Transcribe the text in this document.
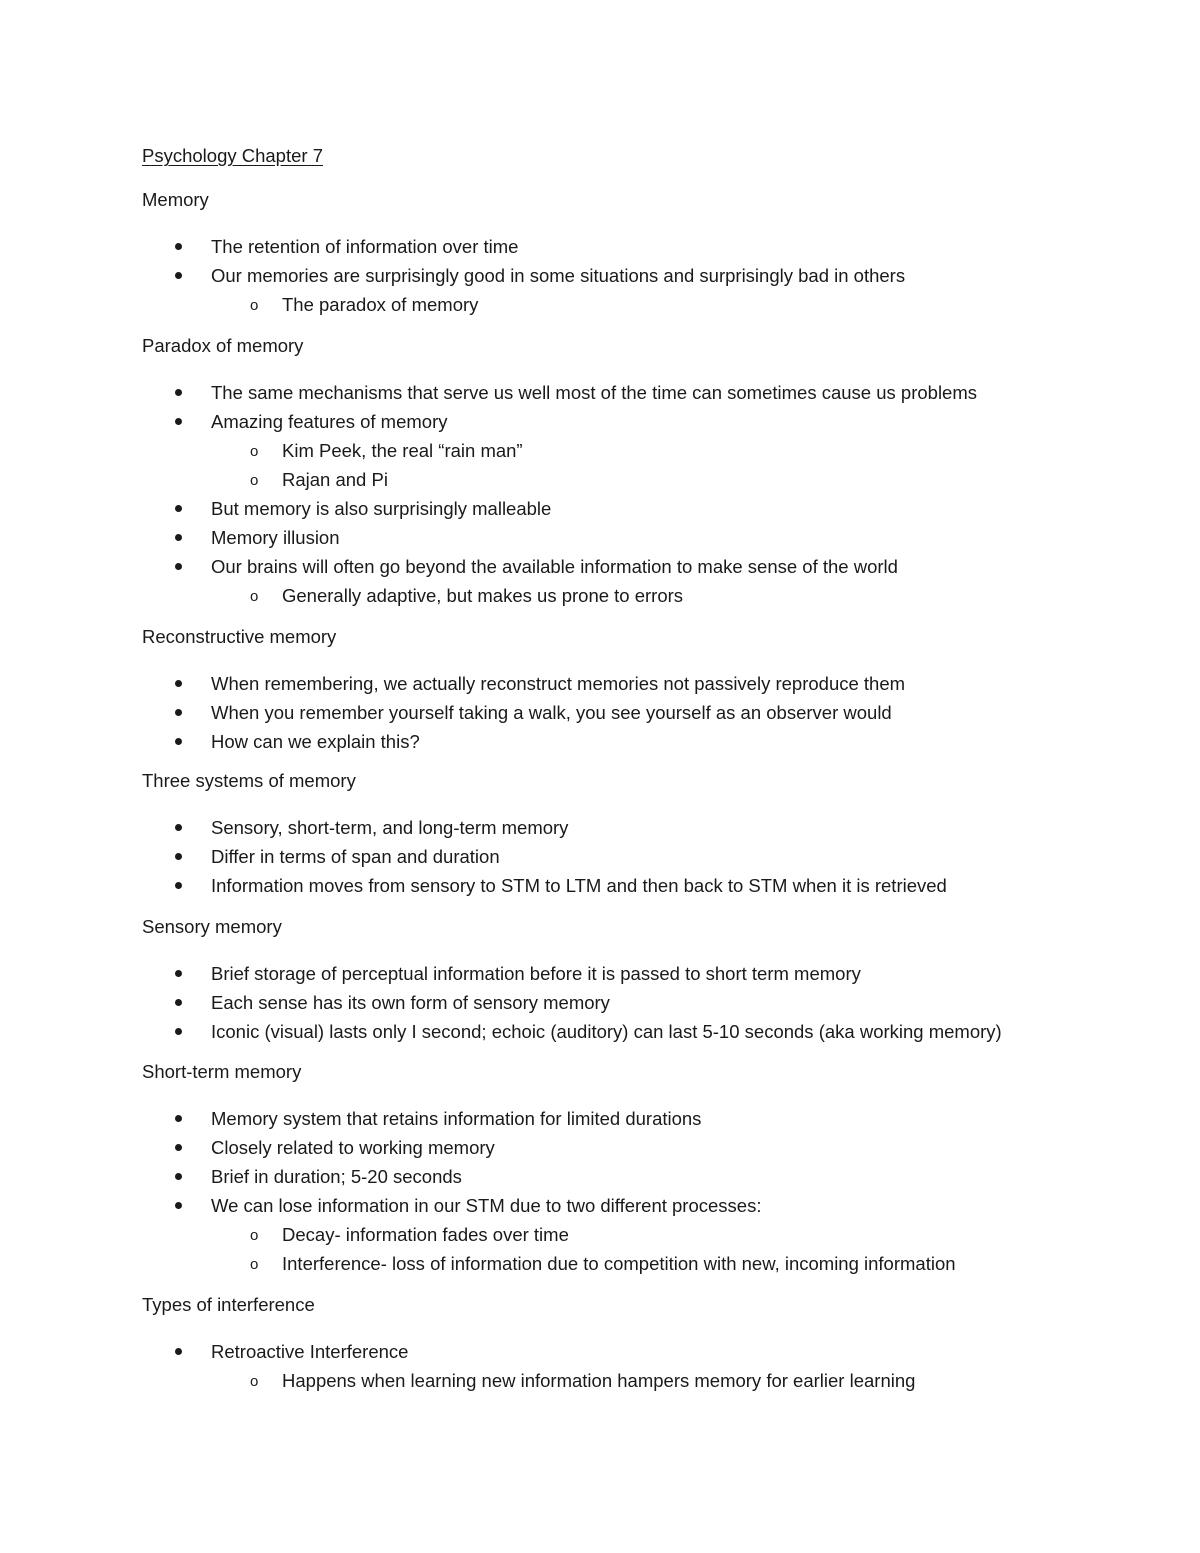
Psychology Chapter 7
Memory
The retention of information over time
Our memories are surprisingly good in some situations and surprisingly bad in others
o The paradox of memory
Paradox of memory
The same mechanisms that serve us well most of the time can sometimes cause us problems
Amazing features of memory
o Kim Peek, the real “rain man”
o Rajan and Pi
But memory is also surprisingly malleable
Memory illusion
Our brains will often go beyond the available information to make sense of the world
o Generally adaptive, but makes us prone to errors
Reconstructive memory
When remembering, we actually reconstruct memories not passively reproduce them
When you remember yourself taking a walk, you see yourself as an observer would
How can we explain this?
Three systems of memory
Sensory, short-term, and long-term memory
Differ in terms of span and duration
Information moves from sensory to STM to LTM and then back to STM when it is retrieved
Sensory memory
Brief storage of perceptual information before it is passed to short term memory
Each sense has its own form of sensory memory
Iconic (visual) lasts only I second; echoic (auditory) can last 5-10 seconds (aka working memory)
Short-term memory
Memory system that retains information for limited durations
Closely related to working memory
Brief in duration; 5-20 seconds
We can lose information in our STM due to two different processes:
o Decay- information fades over time
o Interference- loss of information due to competition with new, incoming information
Types of interference
Retroactive Interference
o Happens when learning new information hampers memory for earlier learning
